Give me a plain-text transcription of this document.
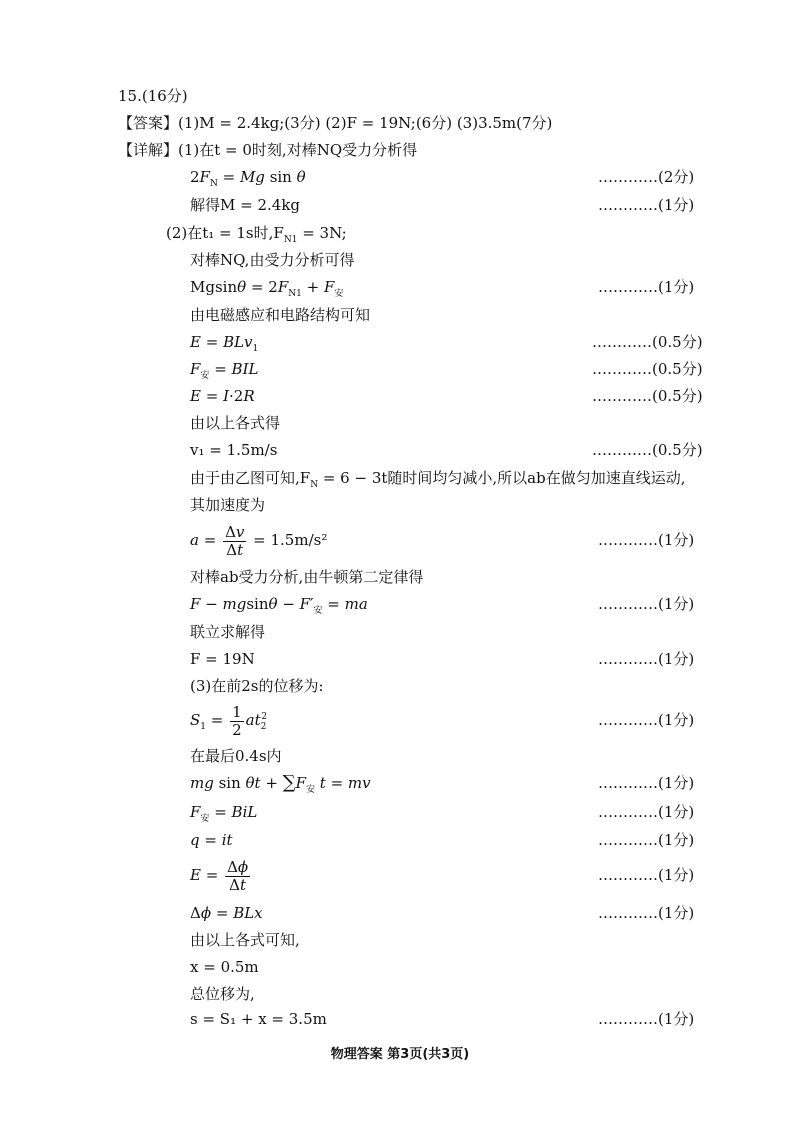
15.(16分)
【答案】(1)M = 2.4kg;(3分) (2)F = 19N;(6分) (3)3.5m(7分)
【详解】(1)在t = 0时刻,对棒NQ受力分析得
$2F_N = Mg$ sin θ	…………(2分)
解得M = 2.4kg	…………(1分)
(2)在t₁ = 1s时$,F_{N1} = 3N$;
对棒NQ,由受力分析可得
$Mgsin\theta = 2F_{N1} + F_安$	…………(1分)
由电磁感应和电路结构可知
E = BLv$_1$	…………(0.5分)
$F_安$ = BIL	…………(0.5分)
E = I·2R	…………(0.5分)
由以上各式得
v₁ = 1.5m/s	…………(0.5分)
由于由乙图可知$,F_N = 6 - 3t$随时间均匀减小,所以ab在做匀加速直线运动,
其加速度为
$a = \frac{\Delta v}{\Delta t} = 1.5m/s^2$	…………(1分)
对棒ab受力分析,由牛顿第二定律得
$F - mgsin\theta - F'_安$ = ma	…………(1分)
联立求解得
F = 19N	…………(1分)
(3)在前2s的位移为:
$S_1 = \frac{1}{2} at_2^2$	…………(1分)
在最后0.4s内
mg $\sin \theta t + \sum F_安$ t = mv	…………(1分)
$F_安$ = BiL	…………(1分)
q = it	…………(1分)
$E = \frac{\Delta\phi}{\Delta t}$	…………(1分)
Δϕ = BLx	…………(1分)
由以上各式可知,
x = 0.5m
总位移为,
s = S₁ + x = 3.5m	…………(1分)
物理答案 第3页(共3页)
